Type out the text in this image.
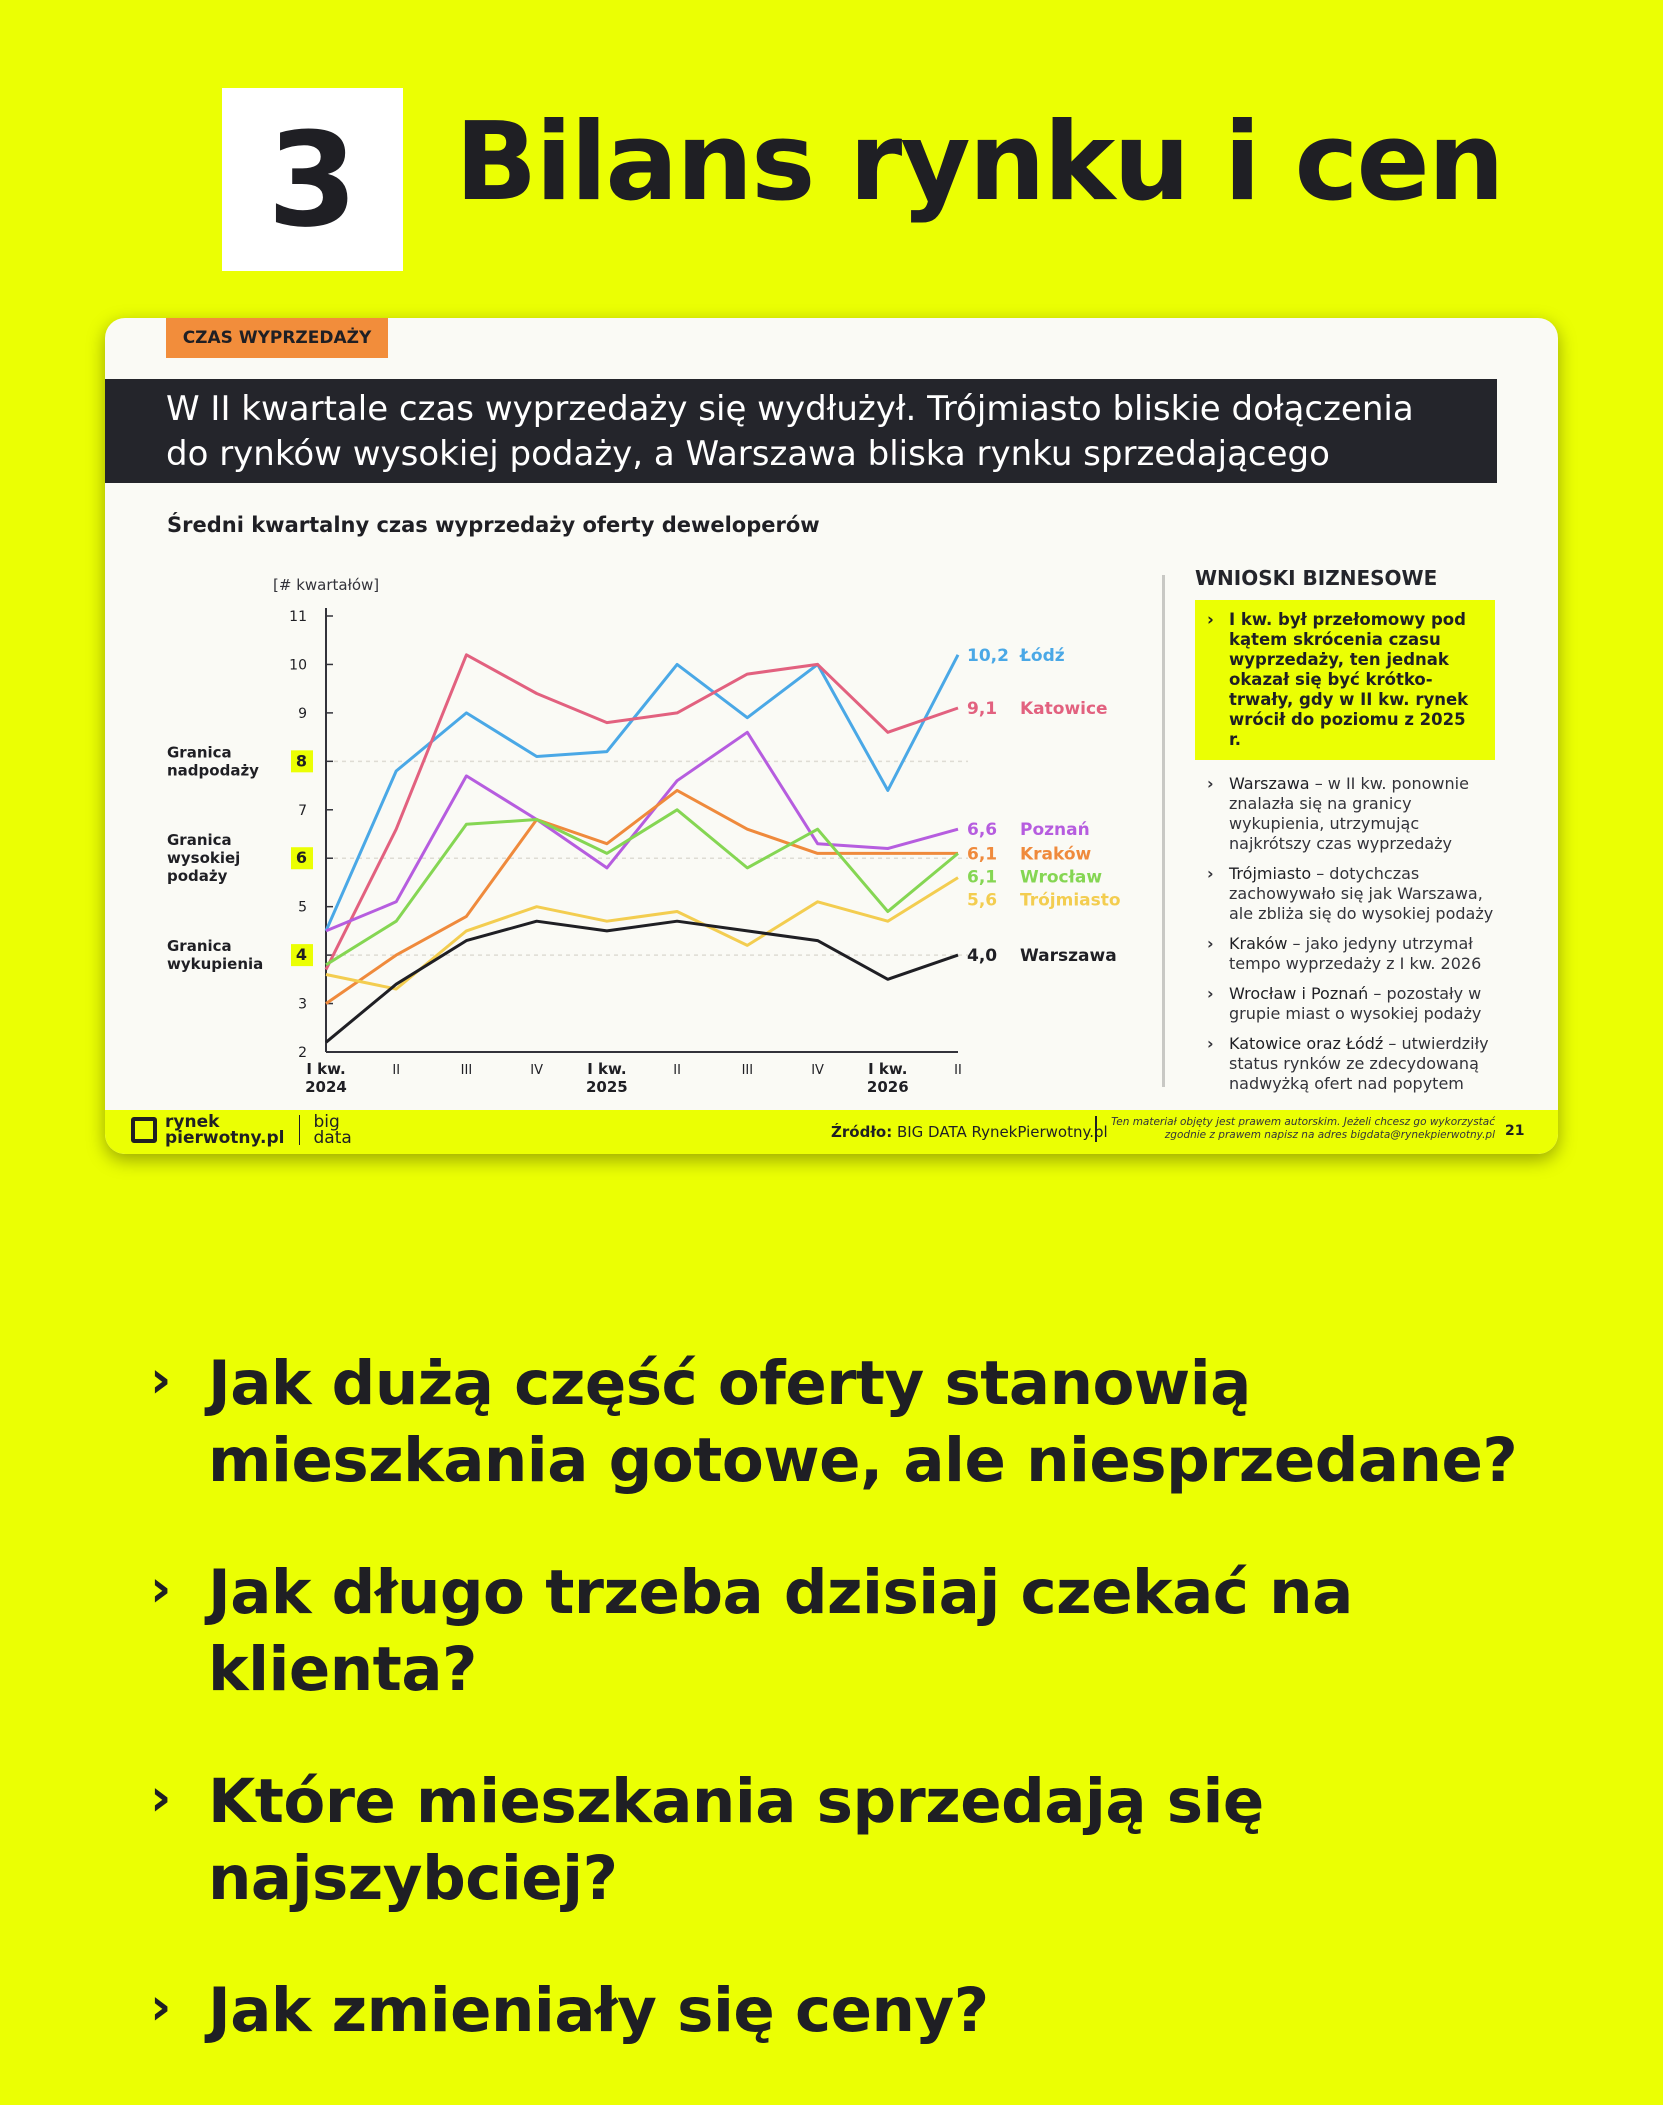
3 Bilans rynku i cen
CZAS WYPRZEDAŻY
W II kwartale czas wyprzedaży się wydłużył. Trójmiasto bliskie dołączenia
do rynków wysokiej podaży, a Warszawa bliska rynku sprzedającego
Średni kwartalny czas wyprzedaży oferty deweloperów
[# kwartałów]
2
3
4
5
6
7
8
9
10
11
I kw.
2024
II	III	IV	I kw.
2025
II	III	IV	I kw.
2026
II
Granica
nadpodaży
Granica
wysokiej
podaży
Granica
wykupienia
10,2 Łódź
9,1 Katowice
6,6 Poznań
6,1 Kraków
6,1 Wrocław
5,6 Trójmiasto
4,0 Warszawa
WNIOSKI BIZNESOWE
› I kw. był przełomowy pod kątem skrócenia czasu wyprzedaży, ten jednak okazał się być krótko-trwały, gdy w II kw. rynek wrócił do poziomu z 2025 r.
› Warszawa – w II kw. ponownie znalazła się na granicy wykupienia, utrzymując najkrótszy czas wyprzedaży
› Trójmiasto – dotychczas zachowywało się jak Warszawa, ale zbliża się do wysokiej podaży
› Kraków – jako jedyny utrzymał tempo wyprzedaży z I kw. 2026
› Wrocław i Poznań – pozostały w grupie miast o wysokiej podaży
› Katowice oraz Łódź – utwierdziły status rynków ze zdecydowaną nadwyżką ofert nad popytem
rynek
pierwotny.pl
big
data	Źródło: BIG DATA RynekPierwotny.pl
Ten materiał objęty jest prawem autorskim. Jeżeli chcesz go wykorzystać
zgodnie z prawem napisz na adres bigdata@rynekpierwotny.pl 21
› Jak dużą część oferty stanowią mieszkania gotowe, ale niesprzedane?
› Jak długo trzeba dzisiaj czekać na klienta?
› Które mieszkania sprzedają się najszybciej?
› Jak zmieniały się ceny?
